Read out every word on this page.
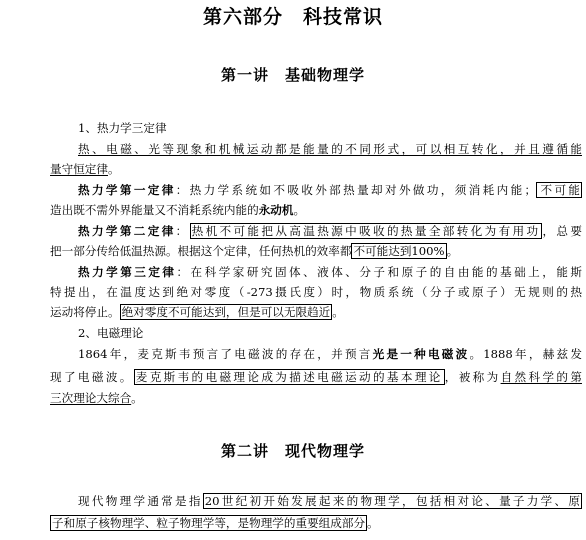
第六部分　科技常识
第一讲　基础物理学
1、热力学三定律
热、电磁、光等现象和机械运动都是能量的不同形式，可以相互转化，并且遵循能
量守恒定律。
热力学第一定律：热力学系统如不吸收外部热量却对外做功，须消耗内能； 不可能
造出既不需外界能量又不消耗系统内能的永动机。
热力学第二定律： 热机不可能把从高温热源中吸收的热量全部转化为有用功 ，总要
把一部分传给低温热源。根据这个定律，任何热机的效率都 不可能达到100% 。
热力学第三定律：在科学家研究固体、液体、分子和原子的自由能的基础上，能斯
特提出，在温度达到绝对零度（-273摄氏度）时，物质系统（分子或原子）无规则的热
运动将停止。 绝对零度不可能达到，但是可以无限趋近 。
2、电磁理论
1864年，麦克斯韦预言了电磁波的存在，并预言光是一种电磁波。1888年，赫兹发
现了电磁波。 麦克斯韦的电磁理论成为描述电磁运动的基本理论 ，被称为自然科学的第
三次理论大综合。
第二讲　现代物理学
现代物理学通常是指 20世纪初开始发展起来的物理学，包括相对论、量子力学、原
子和原子核物理学、粒子物理学等，是物理学的重要组成部分 。
